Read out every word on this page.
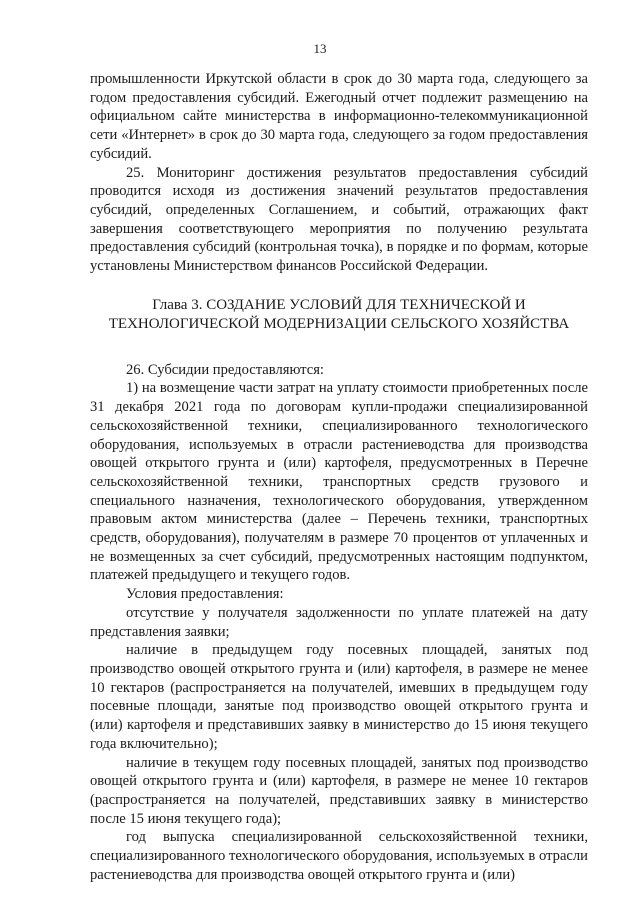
13

промышленности Иркутской области в срок до 30 марта года, следующего за годом предоставления субсидий. Ежегодный отчет подлежит размещению на официальном сайте министерства в информационно-телекоммуникационной сети «Интернет» в срок до 30 марта года, следующего за годом предоставления субсидий.

25. Мониторинг достижения результатов предоставления субсидий проводится исходя из достижения значений результатов предоставления субсидий, определенных Соглашением, и событий, отражающих факт завершения соответствующего мероприятия по получению результата предоставления субсидий (контрольная точка), в порядке и по формам, которые установлены Министерством финансов Российской Федерации.

Глава 3. СОЗДАНИЕ УСЛОВИЙ ДЛЯ ТЕХНИЧЕСКОЙ И
ТЕХНОЛОГИЧЕСКОЙ МОДЕРНИЗАЦИИ СЕЛЬСКОГО ХОЗЯЙСТВА

26. Субсидии предоставляются:

1) на возмещение части затрат на уплату стоимости приобретенных после 31 декабря 2021 года по договорам купли-продажи специализированной сельскохозяйственной техники, специализированного технологического оборудования, используемых в отрасли растениеводства для производства овощей открытого грунта и (или) картофеля, предусмотренных в Перечне сельскохозяйственной техники, транспортных средств грузового и специального назначения, технологического оборудования, утвержденном правовым актом министерства (далее – Перечень техники, транспортных средств, оборудования), получателям в размере 70 процентов от уплаченных и не возмещенных за счет субсидий, предусмотренных настоящим подпунктом, платежей предыдущего и текущего годов.

Условия предоставления:

отсутствие у получателя задолженности по уплате платежей на дату представления заявки;

наличие в предыдущем году посевных площадей, занятых под производство овощей открытого грунта и (или) картофеля, в размере не менее 10 гектаров (распространяется на получателей, имевших в предыдущем году посевные площади, занятые под производство овощей открытого грунта и (или) картофеля и представивших заявку в министерство до 15 июня текущего года включительно);

наличие в текущем году посевных площадей, занятых под производство овощей открытого грунта и (или) картофеля, в размере не менее 10 гектаров (распространяется на получателей, представивших заявку в министерство после 15 июня текущего года);

год выпуска специализированной сельскохозяйственной техники, специализированного технологического оборудования, используемых в отрасли растениеводства для производства овощей открытого грунта и (или)
